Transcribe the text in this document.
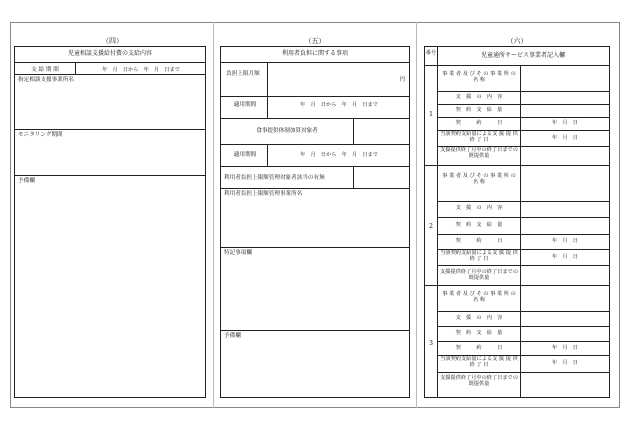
（四）	（五）	（六）
児童相談支援給付費の支給内容
支 給 期 間	年　月　日から　年　月　日まで
指定相談支援事業所名
モニタリング期間
予備欄
利用者負担に関する事項
負担上限月額
円
適用期間	年　月　日から　年　月　日まで
食事提供体制加算対象者
適用期間	年　月　日から　年　月　日まで
利用者負担上限額管理対象者該当の有無
利用者負担上限額管理事業所名
特記事項欄
予備欄
番号	児童通所サービス事業者記入欄
1
事 業 者 及 び そ の 事 業 所 の 名 称
支　援　の　内　容
契　約　支　給　量
契　　　約　　　日	年　月　日
当該契約支給量による支 援 提 供 終 了 日	年　月　日
支援提供終了月中の終了日までの既提供量
2
事 業 者 及 び そ の 事 業 所 の 名 称
支　援　の　内　容
契　約　支　給　量
契　　　約　　　日	年　月　日
当該契約支給量による支 援 提 供 終 了 日	年　月　日
支援提供終了月中の終了日までの既提供量
3
事 業 者 及 び そ の 事 業 所 の 名 称
支　援　の　内　容
契　約　支　給　量
契　　　約　　　日	年　月　日
当該契約支給量による支 援 提 供 終 了 日	年　月　日
支援提供終了月中の終了日までの既提供量
